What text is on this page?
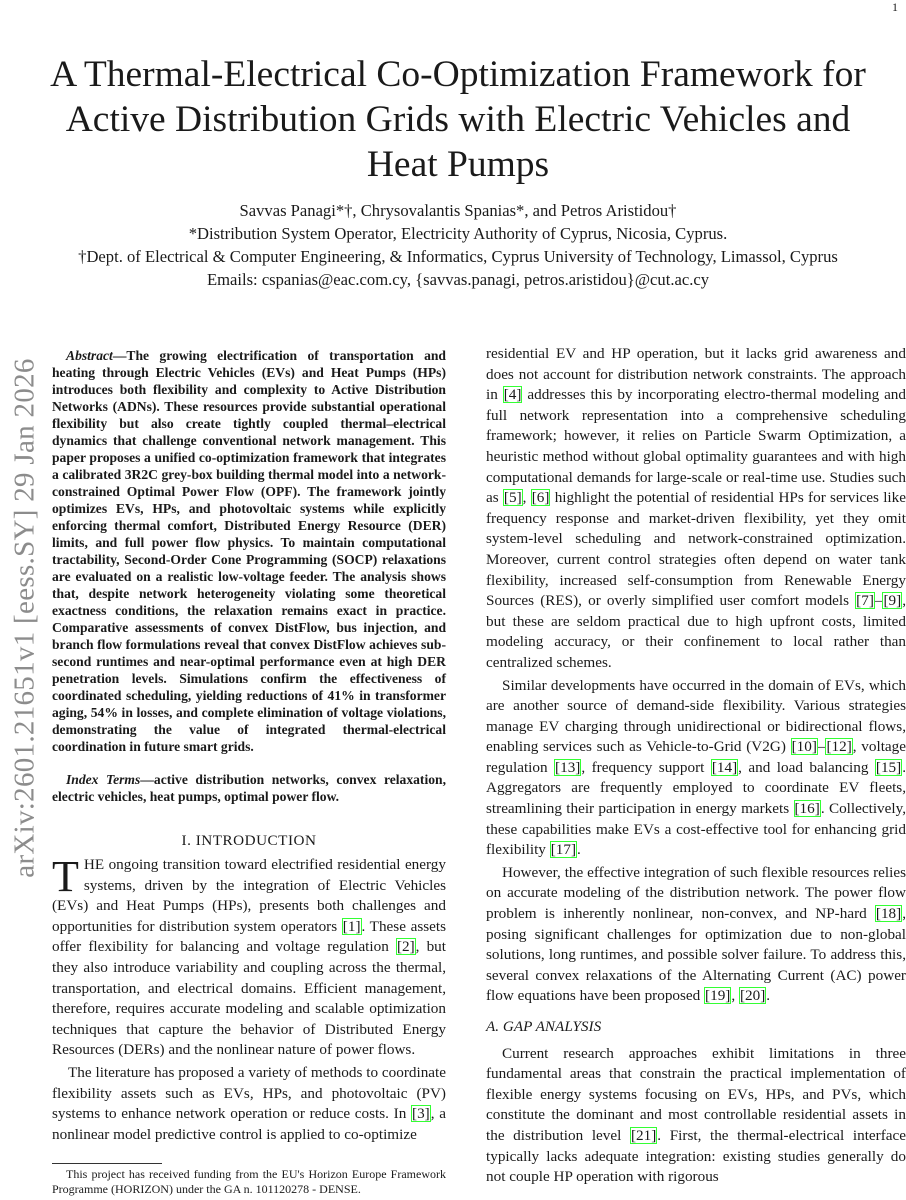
1
arXiv:2601.21651v1 [eess.SY] 29 Jan 2026
A Thermal-Electrical Co-Optimization Framework for Active Distribution Grids with Electric Vehicles and Heat Pumps
Savvas Panagi*†, Chrysovalantis Spanias*, and Petros Aristidou†
*Distribution System Operator, Electricity Authority of Cyprus, Nicosia, Cyprus.
†Dept. of Electrical & Computer Engineering, & Informatics, Cyprus University of Technology, Limassol, Cyprus
Emails: cspanias@eac.com.cy, {savvas.panagi, petros.aristidou}@cut.ac.cy

Abstract—The growing electrification of transportation and heating through Electric Vehicles (EVs) and Heat Pumps (HPs) introduces both flexibility and complexity to Active Distribution Networks (ADNs). These resources provide substantial operational flexibility but also create tightly coupled thermal–electrical dynamics that challenge conventional network management. This paper proposes a unified co-optimization framework that integrates a calibrated 3R2C grey-box building thermal model into a network-constrained Optimal Power Flow (OPF). The framework jointly optimizes EVs, HPs, and photovoltaic systems while explicitly enforcing thermal comfort, Distributed Energy Resource (DER) limits, and full power flow physics. To maintain computational tractability, Second-Order Cone Programming (SOCP) relaxations are evaluated on a realistic low-voltage feeder. The analysis shows that, despite network heterogeneity violating some theoretical exactness conditions, the relaxation remains exact in practice. Comparative assessments of convex DistFlow, bus injection, and branch flow formulations reveal that convex DistFlow achieves sub-second runtimes and near-optimal performance even at high DER penetration levels. Simulations confirm the effectiveness of coordinated scheduling, yielding reductions of 41% in transformer aging, 54% in losses, and complete elimination of voltage violations, demonstrating the value of integrated thermal-electrical coordination in future smart grids.

Index Terms—active distribution networks, convex relaxation, electric vehicles, heat pumps, optimal power flow.

I. INTRODUCTION

THE ongoing transition toward electrified residential energy systems, driven by the integration of Electric Vehicles (EVs) and Heat Pumps (HPs), presents both challenges and opportunities for distribution system operators [1]. These assets offer flexibility for balancing and voltage regulation [2], but they also introduce variability and coupling across the thermal, transportation, and electrical domains. Efficient management, therefore, requires accurate modeling and scalable optimization techniques that capture the behavior of Distributed Energy Resources (DERs) and the nonlinear nature of power flows.

The literature has proposed a variety of methods to coordinate flexibility assets such as EVs, HPs, and photovoltaic (PV) systems to enhance network operation or reduce costs. In [3], a nonlinear model predictive control is applied to co-optimize

This project has received funding from the EU's Horizon Europe Framework Programme (HORIZON) under the GA n. 101120278 - DENSE.

residential EV and HP operation, but it lacks grid awareness and does not account for distribution network constraints. The approach in [4] addresses this by incorporating electro-thermal modeling and full network representation into a comprehensive scheduling framework; however, it relies on Particle Swarm Optimization, a heuristic method without global optimality guarantees and with high computational demands for large-scale or real-time use. Studies such as [5], [6] highlight the potential of residential HPs for services like frequency response and market-driven flexibility, yet they omit system-level scheduling and network-constrained optimization. Moreover, current control strategies often depend on water tank flexibility, increased self-consumption from Renewable Energy Sources (RES), or overly simplified user comfort models [7]–[9], but these are seldom practical due to high upfront costs, limited modeling accuracy, or their confinement to local rather than centralized schemes.

Similar developments have occurred in the domain of EVs, which are another source of demand-side flexibility. Various strategies manage EV charging through unidirectional or bidirectional flows, enabling services such as Vehicle-to-Grid (V2G) [10]–[12], voltage regulation [13], frequency support [14], and load balancing [15]. Aggregators are frequently employed to coordinate EV fleets, streamlining their participation in energy markets [16]. Collectively, these capabilities make EVs a cost-effective tool for enhancing grid flexibility [17].

However, the effective integration of such flexible resources relies on accurate modeling of the distribution network. The power flow problem is inherently nonlinear, non-convex, and NP-hard [18], posing significant challenges for optimization due to non-global solutions, long runtimes, and possible solver failure. To address this, several convex relaxations of the Alternating Current (AC) power flow equations have been proposed [19], [20].

A. GAP ANALYSIS

Current research approaches exhibit limitations in three fundamental areas that constrain the practical implementation of flexible energy systems focusing on EVs, HPs, and PVs, which constitute the dominant and most controllable residential assets in the distribution level [21]. First, the thermal-electrical interface typically lacks adequate integration: existing studies generally do not couple HP operation with rigorous
